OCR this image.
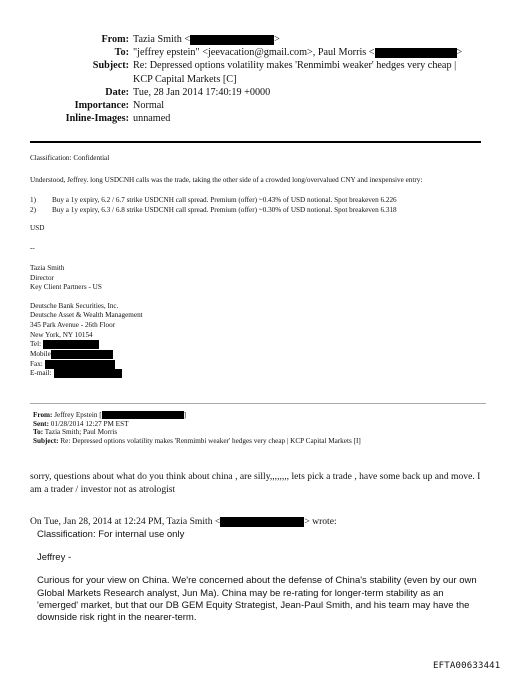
From: Tazia Smith <	>
To: "jeffrey epstein" <jeevacation@gmail.com>, Paul Morris <	>
Subject: Re: Depressed options volatility makes 'Renmimbi weaker' hedges very cheap | KCP Capital Markets [C]
Date: Tue, 28 Jan 2014 17:40:19 +0000
Importance: Normal
Inline-Images: unnamed
Classification: Confidential
Understood, Jeffrey. long USDCNH calls was the trade, taking the other side of a crowded long/overvalued CNY and inexpensive entry:
1)	Buy a 1y expiry, 6.2 / 6.7 strike USDCNH call spread. Premium (offer) ~0.43% of USD notional. Spot breakeven 6.226
2)	Buy a 1y expiry, 6.3 / 6.8 strike USDCNH call spread. Premium (offer) ~0.30% of USD notional. Spot breakeven 6.318
USD
--
Tazia Smith
Director
Key Client Partners - US
Deutsche Bank Securities, Inc.
Deutsche Asset & Wealth Management
345 Park Avenue - 26th Floor
New York, NY 10154
Tel:
Mobile
Fax:
E-mail:
From: Jeffrey Epstein [	]
Sent: 01/28/2014 12:27 PM EST
To: Tazia Smith; Paul Morris
Subject: Re: Depressed options volatility makes 'Renmimbi weaker' hedges very cheap | KCP Capital Markets [I]
sorry, questions about what do you think about china , are silly,,,,,,,, lets pick a trade , have some back up and move. I am a trader / investor not as atrologist
On Tue, Jan 28, 2014 at 12:24 PM, Tazia Smith <	> wrote:

Classification: For internal use only

Jeffrey -

Curious for your view on China. We're concerned about the defense of China's stability (even by our own Global Markets Research analyst, Jun Ma). China may be re-rating for longer-term stability as an 'emerged' market, but that our DB GEM Equity Strategist, Jean-Paul Smith, and his team may have the downside risk right in the nearer-term.

EFTA00633441
